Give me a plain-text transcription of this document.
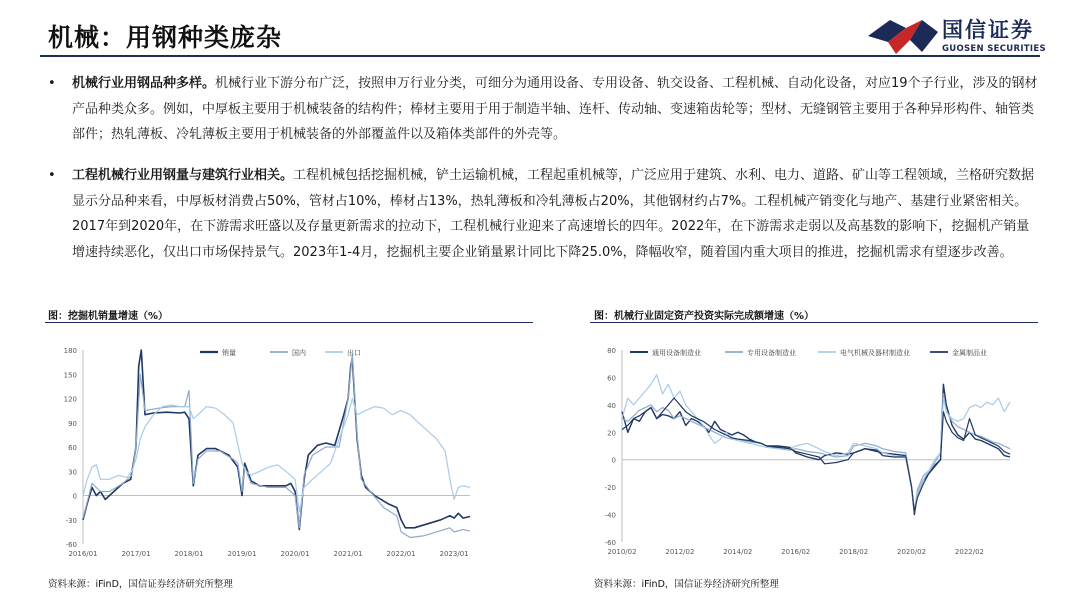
机械：用钢种类庞杂	国信证券
GUOSEN SECURITIES
• 机械行业用钢品种多样。机械行业下游分布广泛，按照申万行业分类，可细分为通用设备、专用设备、轨交设备、工程机械、自动化设备，对应19个子行业，涉及的钢材产品种类众多。例如，中厚板主要用于机械装备的结构件；棒材主要用于用于制造半轴、连杆、传动轴、变速箱齿轮等；型材、无缝钢管主要用于各种异形构件、轴管类部件；热轧薄板、冷轧薄板主要用于机械装备的外部覆盖件以及箱体类部件的外壳等。
• 工程机械行业用钢量与建筑行业相关。工程机械包括挖掘机械，铲土运输机械，工程起重机械等，广泛应用于建筑、水利、电力、道路、矿山等工程领域，兰格研究数据显示分品种来看，中厚板材消费占50%，管材占10%，棒材占13%，热轧薄板和冷轧薄板占20%，其他钢材约占7%。工程机械产销变化与地产、基建行业紧密相关。2017年到2020年，在下游需求旺盛以及存量更新需求的拉动下，工程机械行业迎来了高速增长的四年。2022年，在下游需求走弱以及高基数的影响下，挖掘机产销量增速持续恶化，仅出口市场保持景气。2023年1-4月，挖掘机主要企业销量累计同比下降25.0%，降幅收窄，随着国内重大项目的推进，挖掘机需求有望逐步改善。
图：挖掘机销量增速（%）	图：机械行业固定资产投资实际完成额增速（%）
-60
-30
0
30
60
90
120
150
180
2016/01	2017/01	2018/01	2019/01	2020/01	2021/01	2022/01	2023/01
销量	国内	出口
-60
-40
-20
0
20
40
60
80
2010/02	2012/02	2014/02	2016/02	2018/02	2020/02	2022/02
通用设备制造业	专用设备制造业	电气机械及器材制造业	金属制品业
资料来源：iFinD，国信证券经济研究所整理	资料来源：iFinD，国信证券经济研究所整理
